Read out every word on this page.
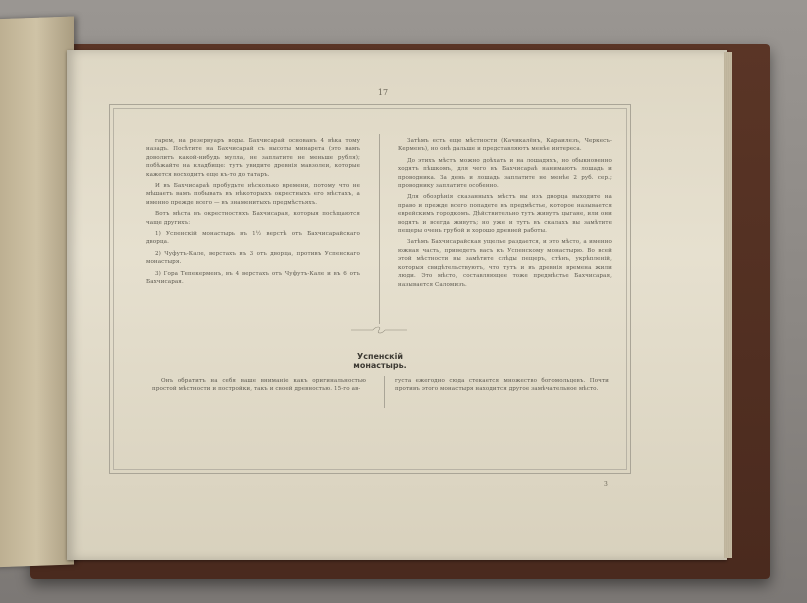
17

гарем, на резервуаръ воды. Бахчисарай основанъ 4 вѣка тому назадъ. Посѣтите на Бахчисарай съ высоты минарета (это вамъ доволитъ какой-нибудь мулла, не заплатите не меньше рубля); побѣжайте на кладбище: тутъ увидите древнія мавзолеи, которые кажется восходитъ еще къ-то до татаръ.

И въ Бахчисараѣ пробудьте нѣсколько времени, потому что не мѣшаетъ вамъ побывать въ нѣкоторыхъ окрестныхъ его мѣстахъ, а именно прежде всего — въ знаменитыхъ предмѣстьяхъ.

Вотъ мѣста въ окрестностяхъ Бахчисарая, которыя посѣщаются чаще другихъ:

1) Успенскій монастырь въ 1½ верстѣ отъ Бахчисарайскаго дворца.

2) Чуфутъ-Кале, верстахъ въ 3 отъ дворца, противъ Успенскаго монастыря.

3) Гора Тепекерменъ, въ 4 верстахъ отъ Чуфутъ-Кале и въ 6 отъ Бахчисарая.

Затѣмъ есть еще мѣстности (Качикалёнъ, Караилезъ, Черкесъ-Керменъ), но онѣ дальше и представляютъ менѣе интереса.

До этихъ мѣстъ можно доѣхать и на лошадяхъ, но обыкновенно ходятъ пѣшкомъ, для чего въ Бахчисараѣ нанимаютъ лошадь и проводника. За день и лошадь заплатите не менѣе 2 руб. сер.; проводнику заплатите особенно.

Для обозрѣнія сказанныхъ мѣстъ вы изъ дворца выходите на право и прежде всего попадете въ предмѣстье, которое называется еврейскимъ городкомъ. Дѣйствительно тутъ живутъ цыгане, или они водятъ и всегда живутъ; но уже и тутъ въ скалахъ вы замѣтите пещеры очень грубой и хорошо древней работы.

Затѣмъ Бахчисарайская ущелье раздается, и это мѣсто, а именно южная часть, приведетъ васъ къ Успенскому монастырю. Во всей этой мѣстности вы замѣтите слѣды пещеръ, стѣнъ, укрѣпленій, которыя свидѣтельствуютъ, что тутъ и въ древнія времена жили люди. Это мѣсто, составляющее тоже предмѣстье Бахчисарая, называется Саломизъ.

Успенскій монастырь.

Онъ обратитъ на себя ваше вниманіе какъ оригинальностью простой мѣстности и постройки, такъ и своей древностью. 15-го ав-

густа ежегодно сюда стекается множество богомольцевъ. Почти противъ этого монастыря находится другое замѣчательное мѣсто.

3
